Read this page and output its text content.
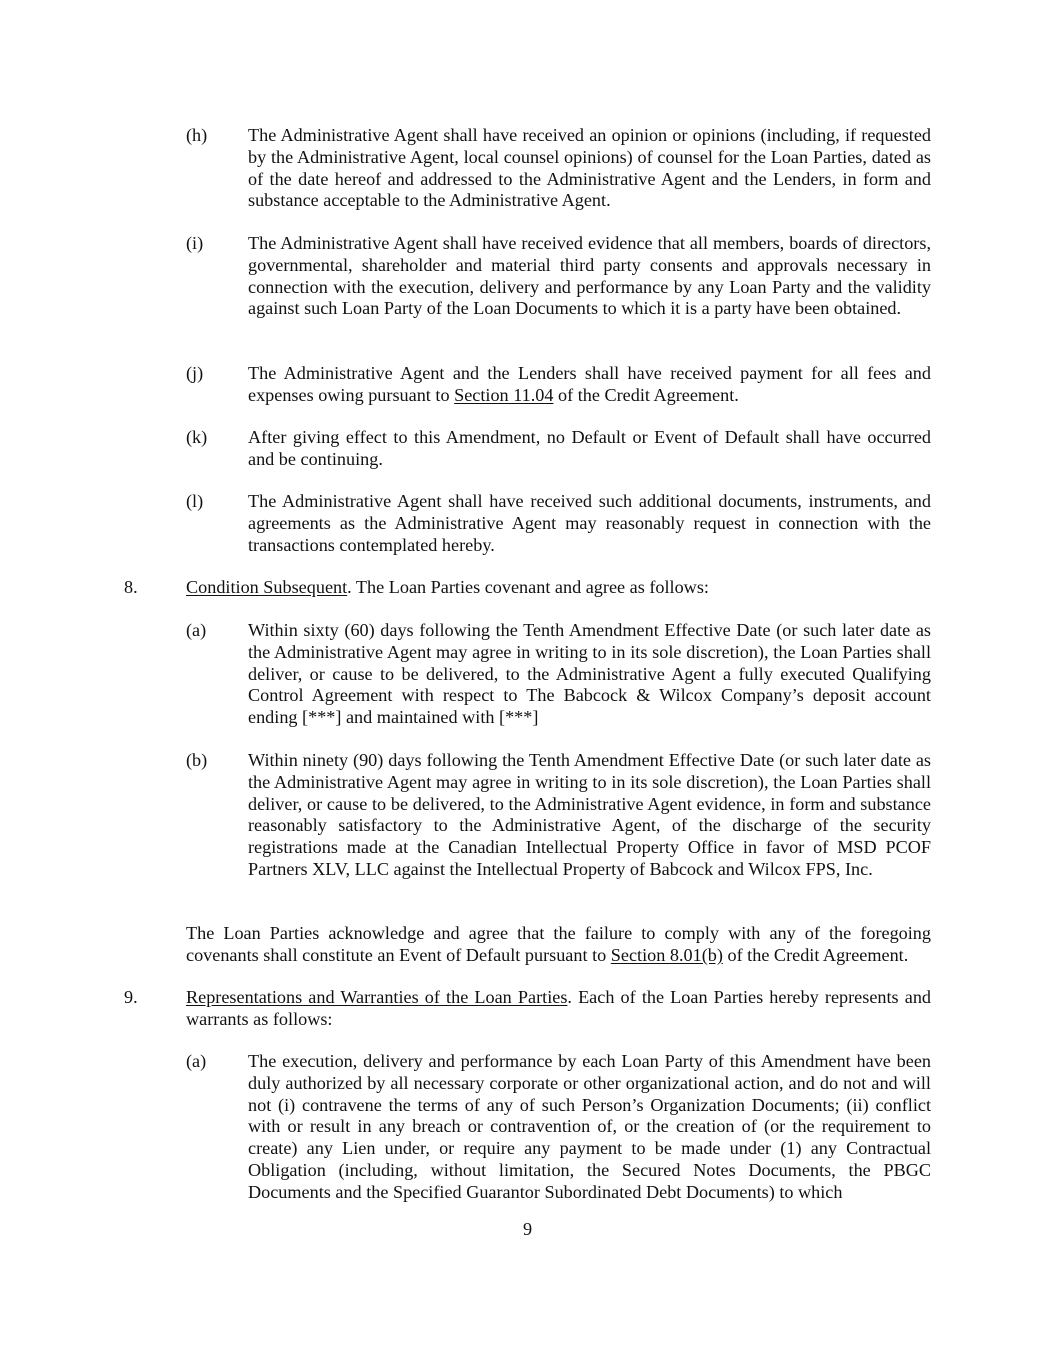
(h) The Administrative Agent shall have received an opinion or opinions (including, if requested by the Administrative Agent, local counsel opinions) of counsel for the Loan Parties, dated as of the date hereof and addressed to the Administrative Agent and the Lenders, in form and substance acceptable to the Administrative Agent.
(i) The Administrative Agent shall have received evidence that all members, boards of directors, governmental, shareholder and material third party consents and approvals necessary in connection with the execution, delivery and performance by any Loan Party and the validity against such Loan Party of the Loan Documents to which it is a party have been obtained.
(j) The Administrative Agent and the Lenders shall have received payment for all fees and expenses owing pursuant to Section 11.04 of the Credit Agreement.
(k) After giving effect to this Amendment, no Default or Event of Default shall have occurred and be continuing.
(l) The Administrative Agent shall have received such additional documents, instruments, and agreements as the Administrative Agent may reasonably request in connection with the transactions contemplated hereby.
8.	Condition Subsequent. The Loan Parties covenant and agree as follows:
(a) Within sixty (60) days following the Tenth Amendment Effective Date (or such later date as the Administrative Agent may agree in writing to in its sole discretion), the Loan Parties shall deliver, or cause to be delivered, to the Administrative Agent a fully executed Qualifying Control Agreement with respect to The Babcock & Wilcox Company’s deposit account ending [***] and maintained with [***]
(b) Within ninety (90) days following the Tenth Amendment Effective Date (or such later date as the Administrative Agent may agree in writing to in its sole discretion), the Loan Parties shall deliver, or cause to be delivered, to the Administrative Agent evidence, in form and substance reasonably satisfactory to the Administrative Agent, of the discharge of the security registrations made at the Canadian Intellectual Property Office in favor of MSD PCOF Partners XLV, LLC against the Intellectual Property of Babcock and Wilcox FPS, Inc.
The Loan Parties acknowledge and agree that the failure to comply with any of the foregoing covenants shall constitute an Event of Default pursuant to Section 8.01(b) of the Credit Agreement.
9.	Representations and Warranties of the Loan Parties. Each of the Loan Parties hereby represents and warrants as follows:
(a) The execution, delivery and performance by each Loan Party of this Amendment have been duly authorized by all necessary corporate or other organizational action, and do not and will not (i) contravene the terms of any of such Person’s Organization Documents; (ii) conflict with or result in any breach or contravention of, or the creation of (or the requirement to create) any Lien under, or require any payment to be made under (1) any Contractual Obligation (including, without limitation, the Secured Notes Documents, the PBGC Documents and the Specified Guarantor Subordinated Debt Documents) to which
9
